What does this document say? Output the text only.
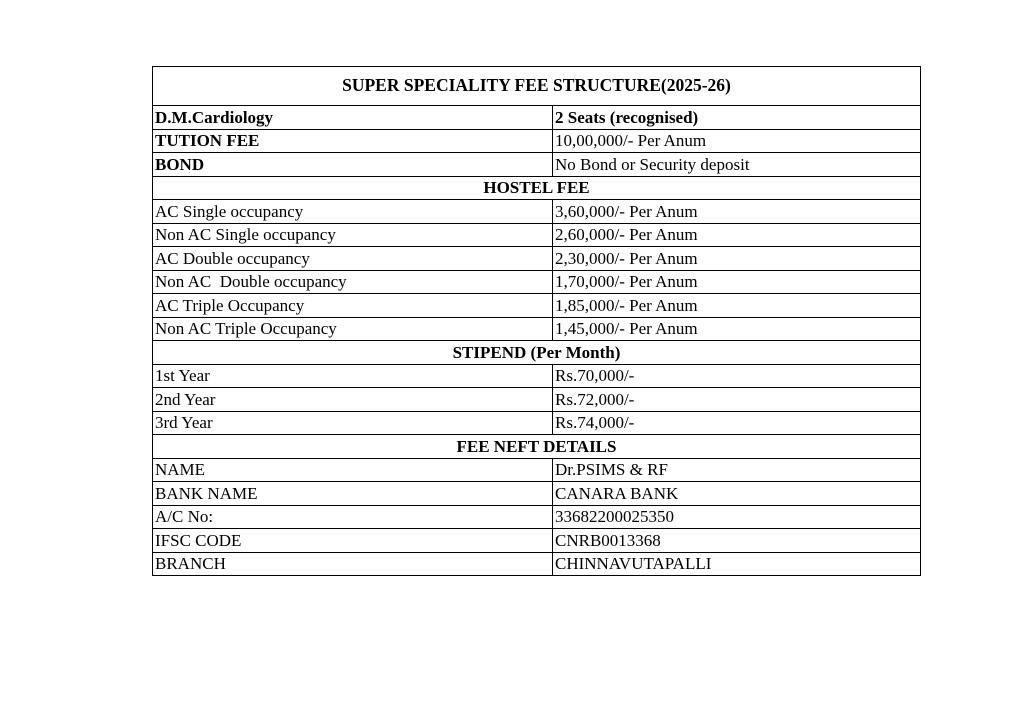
SUPER SPECIALITY FEE STRUCTURE(2025-26)	
D.M.Cardiology	2 Seats (recognised)
TUTION FEE	10,00,000/- Per Anum
BOND	No Bond or Security deposit
HOSTEL FEE	
AC Single occupancy	3,60,000/- Per Anum
Non AC Single occupancy	2,60,000/- Per Anum
AC Double occupancy	2,30,000/- Per Anum
Non AC  Double occupancy	1,70,000/- Per Anum
AC Triple Occupancy	1,85,000/- Per Anum
Non AC Triple Occupancy	1,45,000/- Per Anum
STIPEND (Per Month)	
1st Year	Rs.70,000/-
2nd Year	Rs.72,000/-
3rd Year	Rs.74,000/-
FEE NEFT DETAILS	
NAME	Dr.PSIMS & RF
BANK NAME	CANARA BANK
A/C No:	33682200025350
IFSC CODE	CNRB0013368
BRANCH	CHINNAVUTAPALLI
